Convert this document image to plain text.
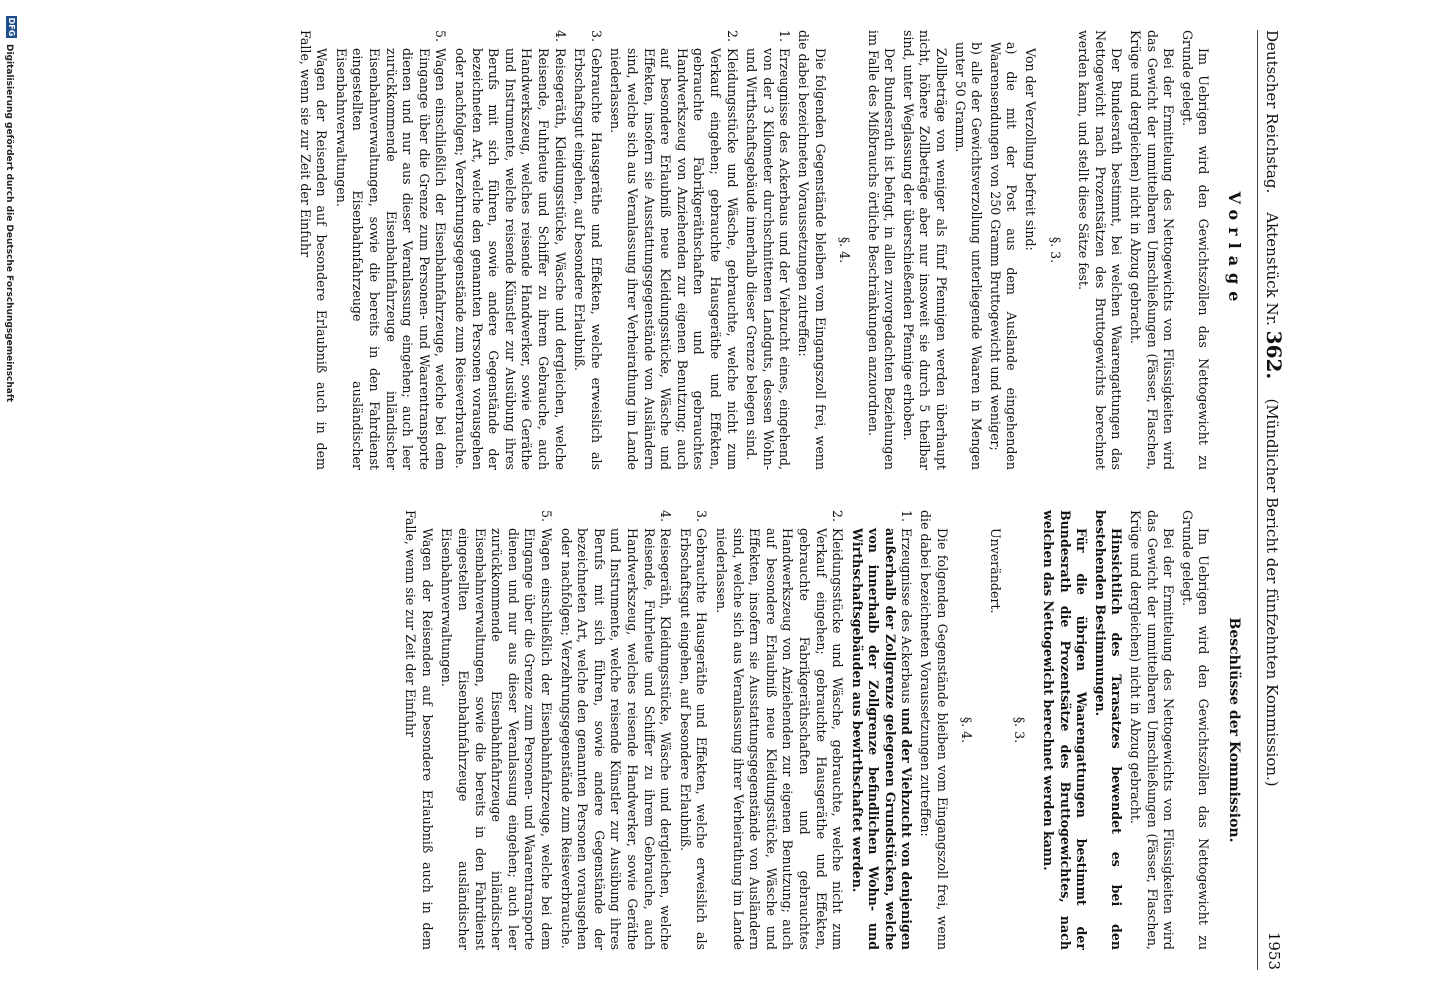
Deutscher Reichstag.    Aktenstück Nr. 362.    (Mündlicher Bericht der fünfzehnten Kommission.)
1953
Vorlage

Im Uebrigen wird den Gewichtszöllen das Nettogewicht zu Grunde gelegt.

Bei der Ermittelung des Nettogewichts von Flüssigkeiten wird das Gewicht der unmittelbaren Umschließungen (Fässer, Flaschen, Krüge und dergleichen) nicht in Abzug gebracht.

Der Bundesrath bestimmt, bei welchen Waarengattungen das Nettogewicht nach Prozentsätzen des Bruttogewichts berechnet werden kann, und stellt diese Sätze fest.

§. 3.

Von der Verzollung befreit sind:

a) die mit der Post aus dem Auslande eingehenden Waarensendungen von 250 Gramm Bruttogewicht und weniger;

b) alle der Gewichtsverzollung unterliegende Waaren in Mengen unter 50 Gramm.

Zollbeträge von weniger als fünf Pfennigen werden überhaupt nicht, höhere Zollbeträge aber nur insoweit sie durch 5 theilbar sind, unter Weglassung der überschießenden Pfennige erhoben.

Der Bundesrath ist befugt, in allen zuvorgedachten Beziehungen im Falle des Mißbrauchs örtliche Beschränkungen anzuordnen.

§. 4.

Die folgenden Gegenstände bleiben vom Eingangszoll frei, wenn die dabei bezeichneten Voraussetzungen zutreffen:

1.
Erzeugnisse des Ackerbaus und der Viehzucht eines, eingehend, von der 3 Kilometer durchschnittenen Landguts, dessen Wohn- und Wirthschaftsgebäude innerhalb dieser Grenze belegen sind.
2.
Kleidungsstücke und Wäsche, gebrauchte, welche nicht zum Verkauf eingehen; gebrauchte Hausgeräthe und Effekten, gebrauchte Fabrikgeräthschaften und gebrauchtes Handwerkszeug von Anziehenden zur eigenen Benutzung; auch auf besondere Erlaubniß neue Kleidungsstücke, Wäsche und Effekten, insofern sie Ausstattungsgegenstände von Ausländern sind, welche sich aus Veranlassung ihrer Verheirathung im Lande niederlassen.
3.
Gebrauchte Hausgeräthe und Effekten, welche erweislich als Erbschaftsgut eingehen, auf besondere Erlaubniß.
4.
Reisegeräth, Kleidungsstücke, Wäsche und dergleichen, welche Reisende, Fuhrleute und Schiffer zu ihrem Gebrauche, auch Handwerkszeug, welches reisende Handwerker, sowie Geräthe und Instrumente, welche reisende Künstler zur Ausübung ihres Berufs mit sich führen, sowie andere Gegenstände der bezeichneten Art, welche den genannten Personen vorausgehen oder nachfolgen; Verzehrungsgegenstände zum Reiseverbrauche.
5.
Wagen einschließlich der Eisenbahnfahrzeuge, welche bei dem Eingange über die Grenze zum Personen- und Waarentransporte dienen und nur aus dieser Veranlassung eingehen; auch leer zurückkommende Eisenbahnfahrzeuge inländischer Eisenbahnverwaltungen, sowie die bereits in den Fahrdienst eingestellten Eisenbahnfahrzeuge ausländischer Eisenbahnverwaltungen.

Wagen der Reisenden auf besondere Erlaubniß auch in dem Falle, wenn sie zur Zeit der Einfuhr

Beschlüsse der Kommission.

Im Uebrigen wird den Gewichtszöllen das Nettogewicht zu Grunde gelegt.

Bei der Ermittelung des Nettogewichts von Flüssigkeiten wird das Gewicht der unmittelbaren Umschließungen (Fässer, Flaschen, Krüge und dergleichen) nicht in Abzug gebracht.

Hinsichtlich des Tarasatzes bewendet es bei den bestehenden Bestimmungen.

Für die übrigen Waarengattungen bestimmt der Bundesrath die Prozentsätze des Bruttogewichtes, nach welchen das Nettogewicht berechnet werden kann.

§. 3.

Unverändert.

§. 4.

Die folgenden Gegenstände bleiben vom Eingangszoll frei, wenn die dabei bezeichneten Voraussetzungen zutreffen:

1.
Erzeugnisse des Ackerbaus und der Viehzucht von denjenigen außerhalb der Zollgrenze gelegenen Grundstücken, welche von innerhalb der Zollgrenze befindlichen Wohn- und Wirthschaftsgebäuden aus bewirthschaftet werden.
2.
Kleidungsstücke und Wäsche, gebrauchte, welche nicht zum Verkauf eingehen; gebrauchte Hausgeräthe und Effekten, gebrauchte Fabrikgeräthschaften und gebrauchtes Handwerkszeug von Anziehenden zur eigenen Benutzung; auch auf besondere Erlaubniß neue Kleidungsstücke, Wäsche und Effekten, insofern sie Ausstattungsgegenstände von Ausländern sind, welche sich aus Veranlassung ihrer Verheirathung im Lande niederlassen.
3.
Gebrauchte Hausgeräthe und Effekten, welche erweislich als Erbschaftsgut eingehen, auf besondere Erlaubniß.
4.
Reisegeräth, Kleidungsstücke, Wäsche und dergleichen, welche Reisende, Fuhrleute und Schiffer zu ihrem Gebrauche, auch Handwerkszeug, welches reisende Handwerker, sowie Geräthe und Instrumente, welche reisende Künstler zur Ausübung ihres Berufs mit sich führen, sowie andere Gegenstände der bezeichneten Art, welche den genannten Personen vorausgehen oder nachfolgen; Verzehrungsgegenstände zum Reiseverbrauche.
5.
Wagen einschließlich der Eisenbahnfahrzeuge, welche bei dem Eingange über die Grenze zum Personen- und Waarentransporte dienen und nur aus dieser Veranlassung eingehen; auch leer zurückkommende Eisenbahnfahrzeuge inländischer Eisenbahnverwaltungen, sowie die bereits in den Fahrdienst eingestellten Eisenbahnfahrzeuge ausländischer Eisenbahnverwaltungen.

Wagen der Reisenden auf besondere Erlaubniß auch in dem Falle, wenn sie zur Zeit der Einfuhr

DFG
Digitalisierung gefördert durch die Deutsche Forschungsgemeinschaft
